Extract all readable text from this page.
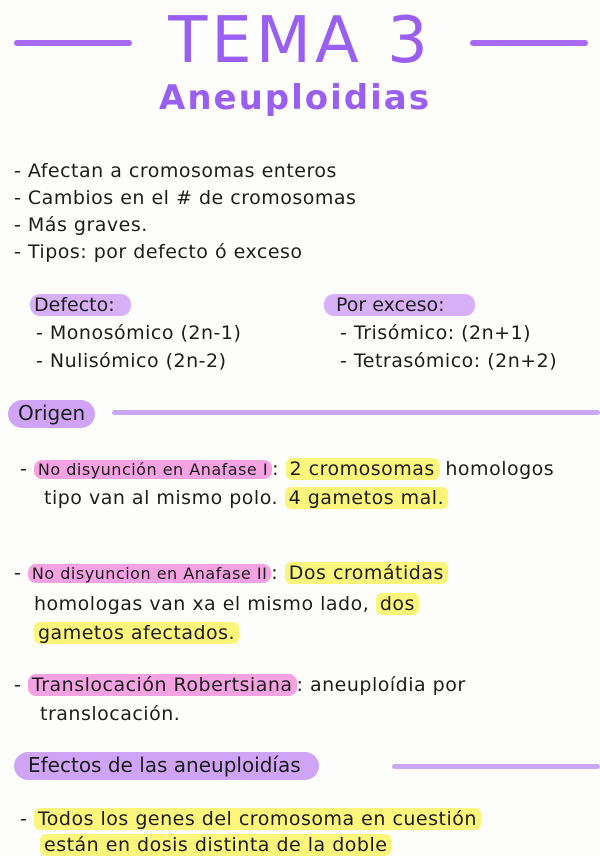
TEMA 3
Aneuploidias
- Afectan a cromosomas enteros
- Cambios en el # de cromosomas
- Más graves.
- Tipos: por defecto ó exceso
Defecto:
- Monosómico (2n-1)
- Nulisómico (2n-2)
Por exceso:
- Trisómico: (2n+1)
- Tetrasómico: (2n+2)
Origen
- No disyunción en Anafase I : 2 cromosomas homologos
tipo van al mismo polo. 4 gametos mal.
- No disyuncion en Anafase II : Dos cromátidas
homologas van xa el mismo lado, dos
gametos afectados.
- Translocación Robertsiana : aneuploídia por
translocación.
Efectos de las aneuploidías
- Todos los genes del cromosoma en cuestión
están en dosis distinta de la doble
